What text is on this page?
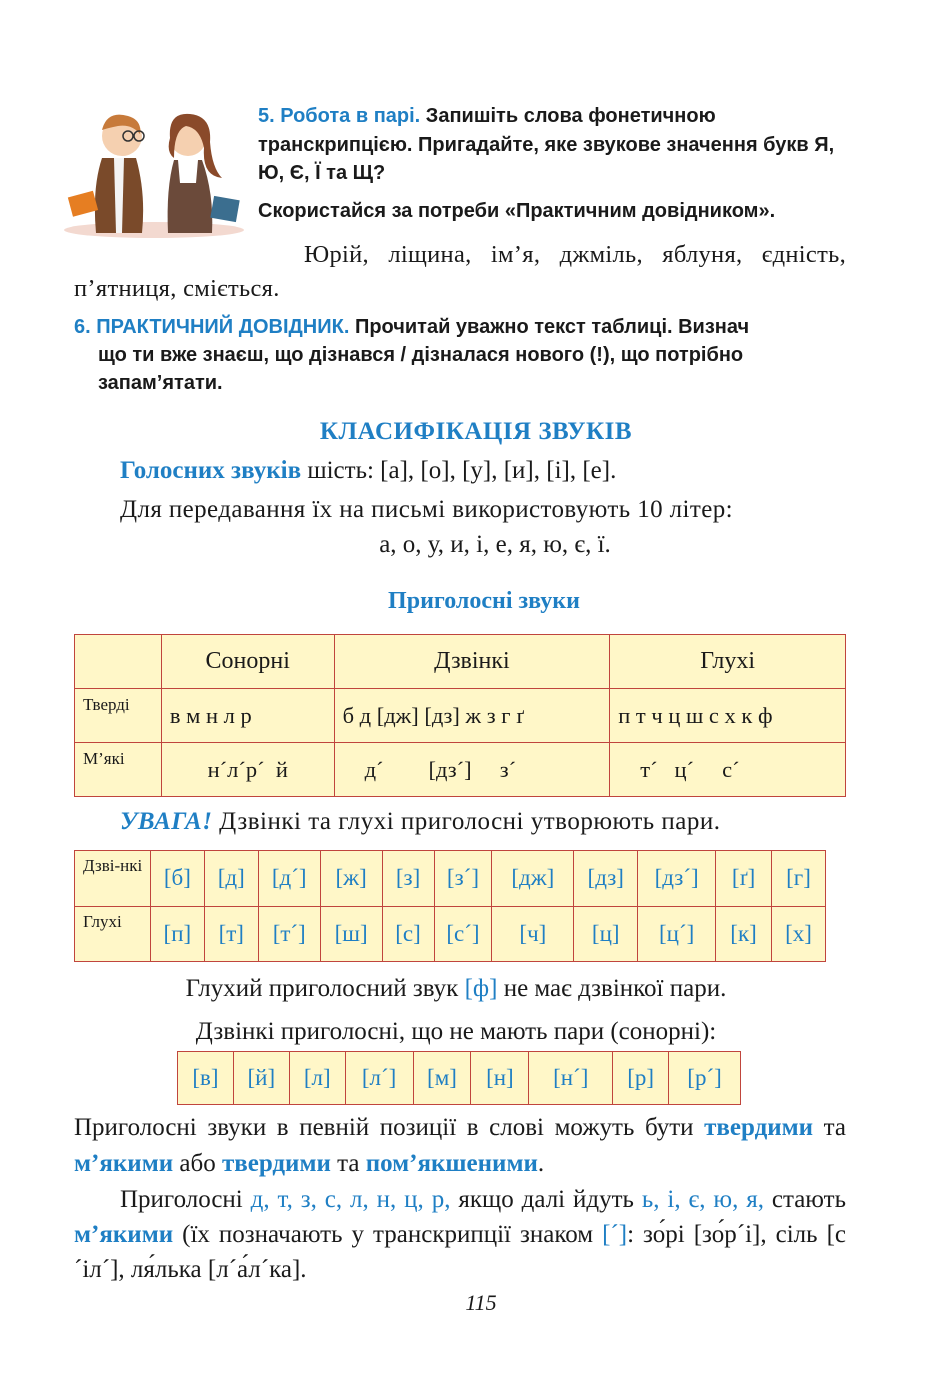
5. Робота в парі. Запишіть слова фонетичною транскрипцією. Пригадайте, яке звукове значення букв Я, Ю, Є, Ї та Щ?
Скористайся за потреби «Практичним довідником».
Юрій, ліщина, ім’я, джміль, яблуня, єдність, п’ятниця, сміється.
6. ПРАКТИЧНИЙ ДОВІДНИК. Прочитай уважно текст таблиці. Визнач
що ти вже знаєш, що дізнався / дізналася нового (!), що потрібно
запам’ятати.
КЛАСИФІКАЦІЯ ЗВУКІВ
Голосних звуків шість: [а], [о], [у], [и], [і], [е].
Для передавання їх на письмі використовують 10 літер:
а, о, у, и, і, е, я, ю, є, ї.
Приголосні звуки
	Сонорні	Дзвінкі	Глухі
Тверді	в м н л р	б д [дж] [дз] ж з г ґ	п т ч ц ш с х к ф
М’які	н´л´р´  й	д´        [дз´]     з´	т´   ц´     с´
УВАГА! Дзвінкі та глухі приголосні утворюють пари.
Дзві-нкі	[б]	[д]	[д´]	[ж]	[з]	[з´]	[дж]	[дз]	[дз´]	[ґ]	[г]
Глухі	[п]	[т]	[т´]	[ш]	[с]	[с´]	[ч]	[ц]	[ц´]	[к]	[х]
Глухий приголосний звук [ф] не має дзвінкої пари.
Дзвінкі приголосні, що не мають пари (сонорні):
[в]	[й]	[л]	[л´]	[м]	[н]	[н´]	[р]	[р´]
Приголосні звуки в певній позиції в слові можуть бути твердими та м’якими або твердими та пом’якшеними.
Приголосні д, т, з, с, л, н, ц, р, якщо далі йдуть ь, і, є, ю, я, стають м’якими (їх позначають у транскрипції знаком [´]: зо́рі [зо́р´і], сіль [с´іл´], ля́лька [л´а́л´ка].
115
